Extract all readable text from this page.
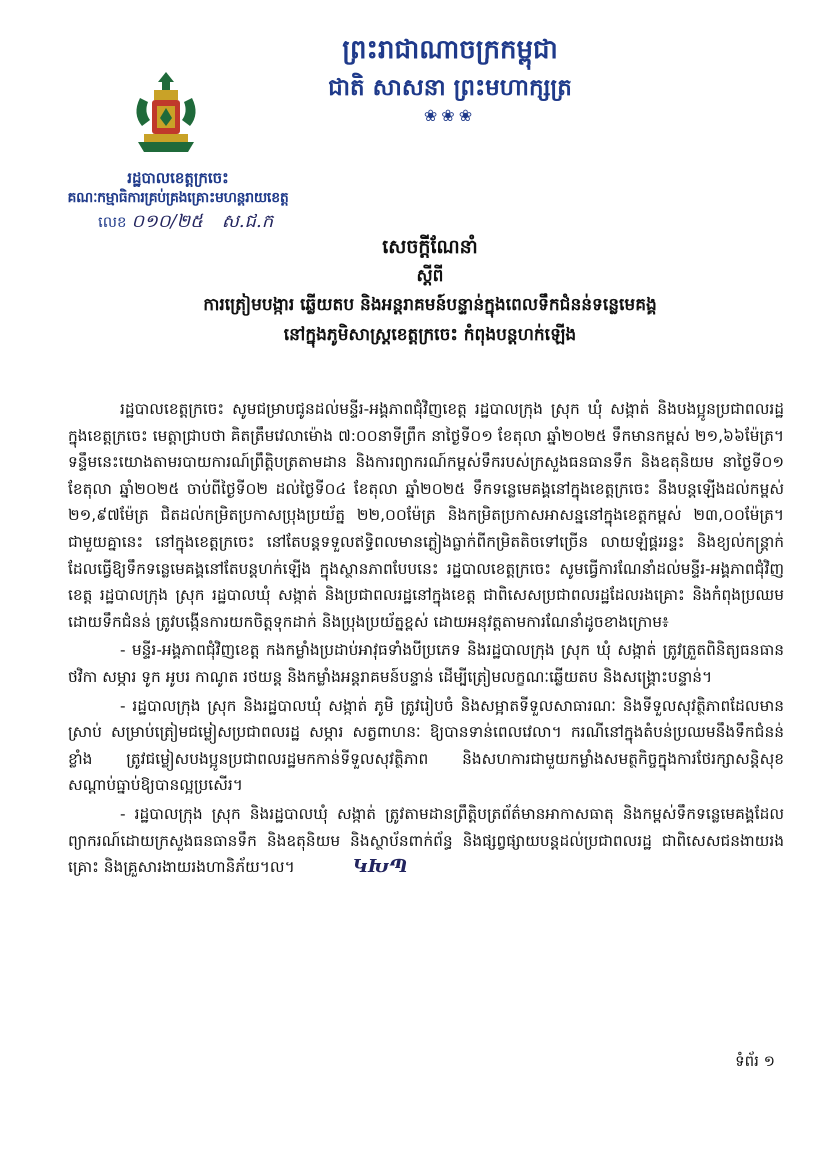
ព្រះរាជាណាចក្រកម្ពុជា
ជាតិ សាសនា ព្រះមហាក្សត្រ
❀❀❀
រដ្ឋបាលខេត្តក្រចេះ
គណៈកម្មាធិការគ្រប់គ្រងគ្រោះមហន្តរាយខេត្ត
លេខ ០១០/២៥ ស.ជ.ក
សេចក្តីណែនាំ
ស្តីពី
ការត្រៀមបង្ការ ឆ្លើយតប និងអន្តរាគមន៍បន្ទាន់ក្នុងពេលទឹកជំនន់ទន្លេមេគង្គ
នៅក្នុងភូមិសាស្ត្រខេត្តក្រចេះ កំពុងបន្តហក់ឡើង

រដ្ឋបាលខេត្តក្រចេះ សូមជម្រាបជូនដល់មន្ទីរ-អង្គភាពជុំវិញខេត្ត រដ្ឋបាលក្រុង ស្រុក ឃុំ សង្កាត់ និងបងប្អូនប្រជាពលរដ្ឋក្នុងខេត្តក្រចេះ មេត្តាជ្រាបថា គិតត្រឹមវេលាម៉ោង ៧:០០នាទីព្រឹក នាថ្ងៃទី០១ ខែតុលា ឆ្នាំ២០២៥ ទឹកមានកម្ពស់ ២១,៦៦ម៉ែត្រ។ ទន្ទឹមនេះយោងតាមរបាយការណ៍ព្រឹត្តិបត្រតាមដាន និងការព្យាករណ៍កម្ពស់ទឹករបស់ក្រសួងធនធានទឹក និងឧតុនិយម នាថ្ងៃទី០១ ខែតុលា ឆ្នាំ២០២៥ ចាប់ពីថ្ងៃទី០២ ដល់ថ្ងៃទី០៤ ខែតុលា ឆ្នាំ២០២៥ ទឹកទន្លេមេគង្គនៅក្នុងខេត្តក្រចេះ នឹងបន្តឡើងដល់កម្ពស់ ២១,៩៧ម៉ែត្រ ជិតដល់កម្រិតប្រកាសប្រុងប្រយ័ត្ន ២២,០០ម៉ែត្រ និងកម្រិតប្រកាសអាសន្ននៅក្នុងខេត្តកម្ពស់ ២៣,០០ម៉ែត្រ។ ជាមួយគ្នានេះ នៅក្នុងខេត្តក្រចេះ នៅតែបន្តទទួលឥទ្ធិពលមានភ្លៀងធ្លាក់ពីកម្រិតតិចទៅច្រើន លាយឡំផ្គររន្ទះ និងខ្យល់កន្ត្រាក់ ដែលធ្វើឱ្យទឹកទន្លេមេគង្គនៅតែបន្តហក់ឡើង ក្នុងស្ថានភាពបែបនេះ រដ្ឋបាលខេត្តក្រចេះ សូមធ្វើការណែនាំដល់មន្ទីរ-អង្គភាពជុំវិញខេត្ត រដ្ឋបាលក្រុង ស្រុក រដ្ឋបាលឃុំ សង្កាត់ និងប្រជាពលរដ្ឋនៅក្នុងខេត្ត ជាពិសេសប្រជាពលរដ្ឋដែលរងគ្រោះ និងកំពុងប្រឈមដោយទឹកជំនន់ ត្រូវបង្កើនការយកចិត្តទុកដាក់ និងប្រុងប្រយ័ត្នខ្ពស់ ដោយអនុវត្តតាមការណែនាំដូចខាងក្រោម៖

- មន្ទីរ-អង្គភាពជុំវិញខេត្ត កងកម្លាំងប្រដាប់អាវុធទាំងបីប្រភេទ និងរដ្ឋបាលក្រុង ស្រុក ឃុំ សង្កាត់ ត្រូវត្រួតពិនិត្យធនធានថវិកា សម្ភារ ទូក អូបរ កាណូត រថយន្ត និងកម្លាំងអន្តរាគមន៍បន្ទាន់ ដើម្បីត្រៀមលក្ខណៈឆ្លើយតប និងសង្គ្រោះបន្ទាន់។

- រដ្ឋបាលក្រុង ស្រុក និងរដ្ឋបាលឃុំ សង្កាត់ ភូមិ ត្រូវរៀបចំ និងសម្អាតទីទួលសាធារណៈ និងទីទួលសុវត្ថិភាពដែលមានស្រាប់ សម្រាប់ត្រៀមជម្លៀសប្រជាពលរដ្ឋ សម្ភារ សត្វពាហនៈ ឱ្យបានទាន់ពេលវេលា។ ករណីនៅក្នុងតំបន់ប្រឈមនឹងទឹកជំនន់ខ្លាំង ត្រូវជម្លៀសបងប្អូនប្រជាពលរដ្ឋមកកាន់ទីទួលសុវត្ថិភាព និងសហការជាមួយកម្លាំងសមត្ថកិច្ចក្នុងការថែរក្សាសន្តិសុខសណ្តាប់ធ្នាប់ឱ្យបានល្អប្រសើរ។

- រដ្ឋបាលក្រុង ស្រុក និងរដ្ឋបាលឃុំ សង្កាត់ ត្រូវតាមដានព្រឹត្តិបត្រព័ត៌មានអាកាសធាតុ និងកម្ពស់ទឹកទន្លេមេគង្គដែលព្យាករណ៍ដោយក្រសួងធនធានទឹក និងឧតុនិយម និងស្ថាប័នពាក់ព័ន្ធ និងផ្សព្វផ្សាយបន្តដល់ប្រជាពលរដ្ឋ ជាពិសេសជនងាយរងគ្រោះ និងគ្រួសារងាយរងហានិភ័យ។ល។	ԿԽՊ

ទំព័រ ១
